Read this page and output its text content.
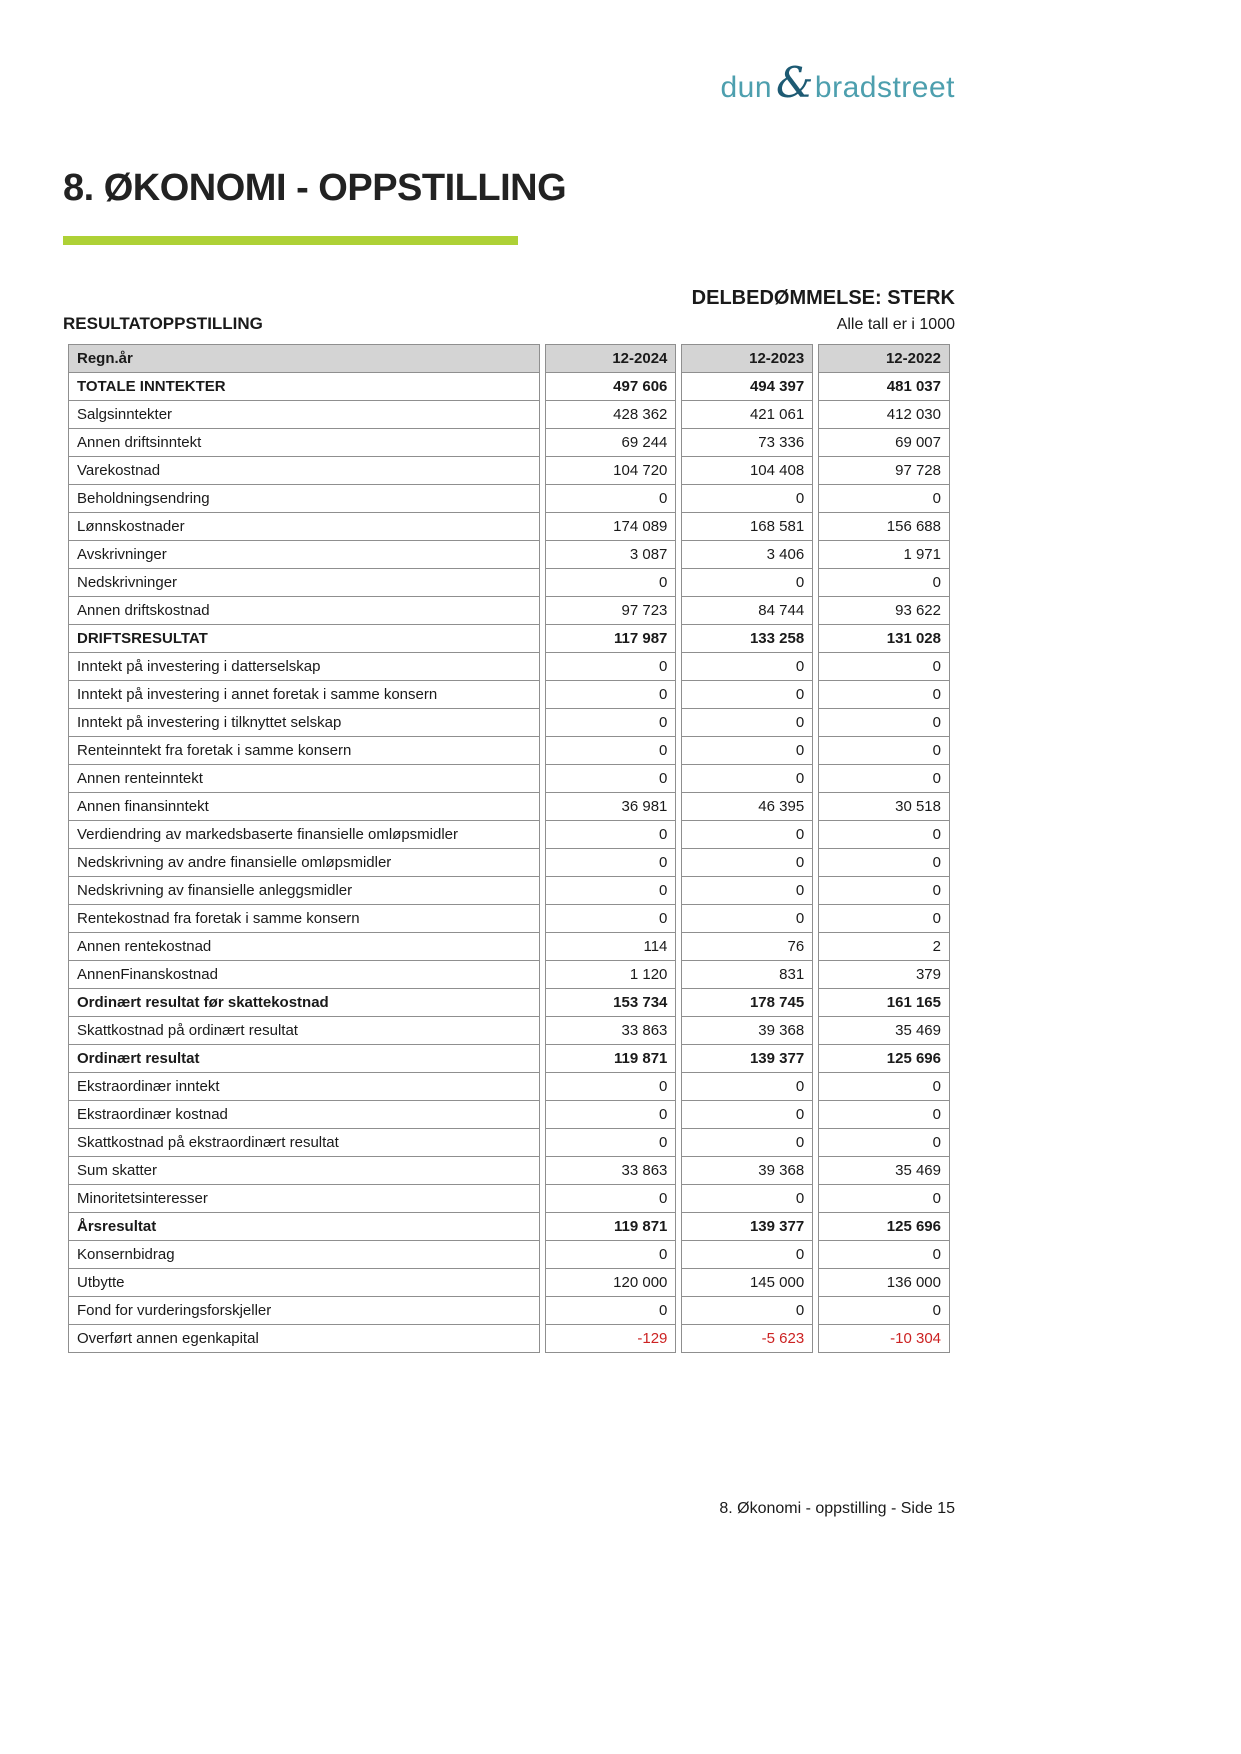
dun & bradstreet
8. ØKONOMI - OPPSTILLING
RESULTATOPPSTILLING
DELBEDØMMELSE: STERK
Alle tall er i 1000
Regn.år	12-2024	12-2023	12-2022
TOTALE INNTEKTER	497 606	494 397	481 037
Salgsinntekter	428 362	421 061	412 030
Annen driftsinntekt	69 244	73 336	69 007
Varekostnad	104 720	104 408	97 728
Beholdningsendring	0	0	0
Lønnskostnader	174 089	168 581	156 688
Avskrivninger	3 087	3 406	1 971
Nedskrivninger	0	0	0
Annen driftskostnad	97 723	84 744	93 622
DRIFTSRESULTAT	117 987	133 258	131 028
Inntekt på investering i datterselskap	0	0	0
Inntekt på investering i annet foretak i samme konsern	0	0	0
Inntekt på investering i tilknyttet selskap	0	0	0
Renteinntekt fra foretak i samme konsern	0	0	0
Annen renteinntekt	0	0	0
Annen finansinntekt	36 981	46 395	30 518
Verdiendring av markedsbaserte finansielle omløpsmidler	0	0	0
Nedskrivning av andre finansielle omløpsmidler	0	0	0
Nedskrivning av finansielle anleggsmidler	0	0	0
Rentekostnad fra foretak i samme konsern	0	0	0
Annen rentekostnad	114	76	2
AnnenFinanskostnad	1 120	831	379
Ordinært resultat før skattekostnad	153 734	178 745	161 165
Skattkostnad på ordinært resultat	33 863	39 368	35 469
Ordinært resultat	119 871	139 377	125 696
Ekstraordinær inntekt	0	0	0
Ekstraordinær kostnad	0	0	0
Skattkostnad på ekstraordinært resultat	0	0	0
Sum skatter	33 863	39 368	35 469
Minoritetsinteresser	0	0	0
Årsresultat	119 871	139 377	125 696
Konsernbidrag	0	0	0
Utbytte	120 000	145 000	136 000
Fond for vurderingsforskjeller	0	0	0
Overført annen egenkapital	-129	-5 623	-10 304
8. Økonomi - oppstilling - Side 15
